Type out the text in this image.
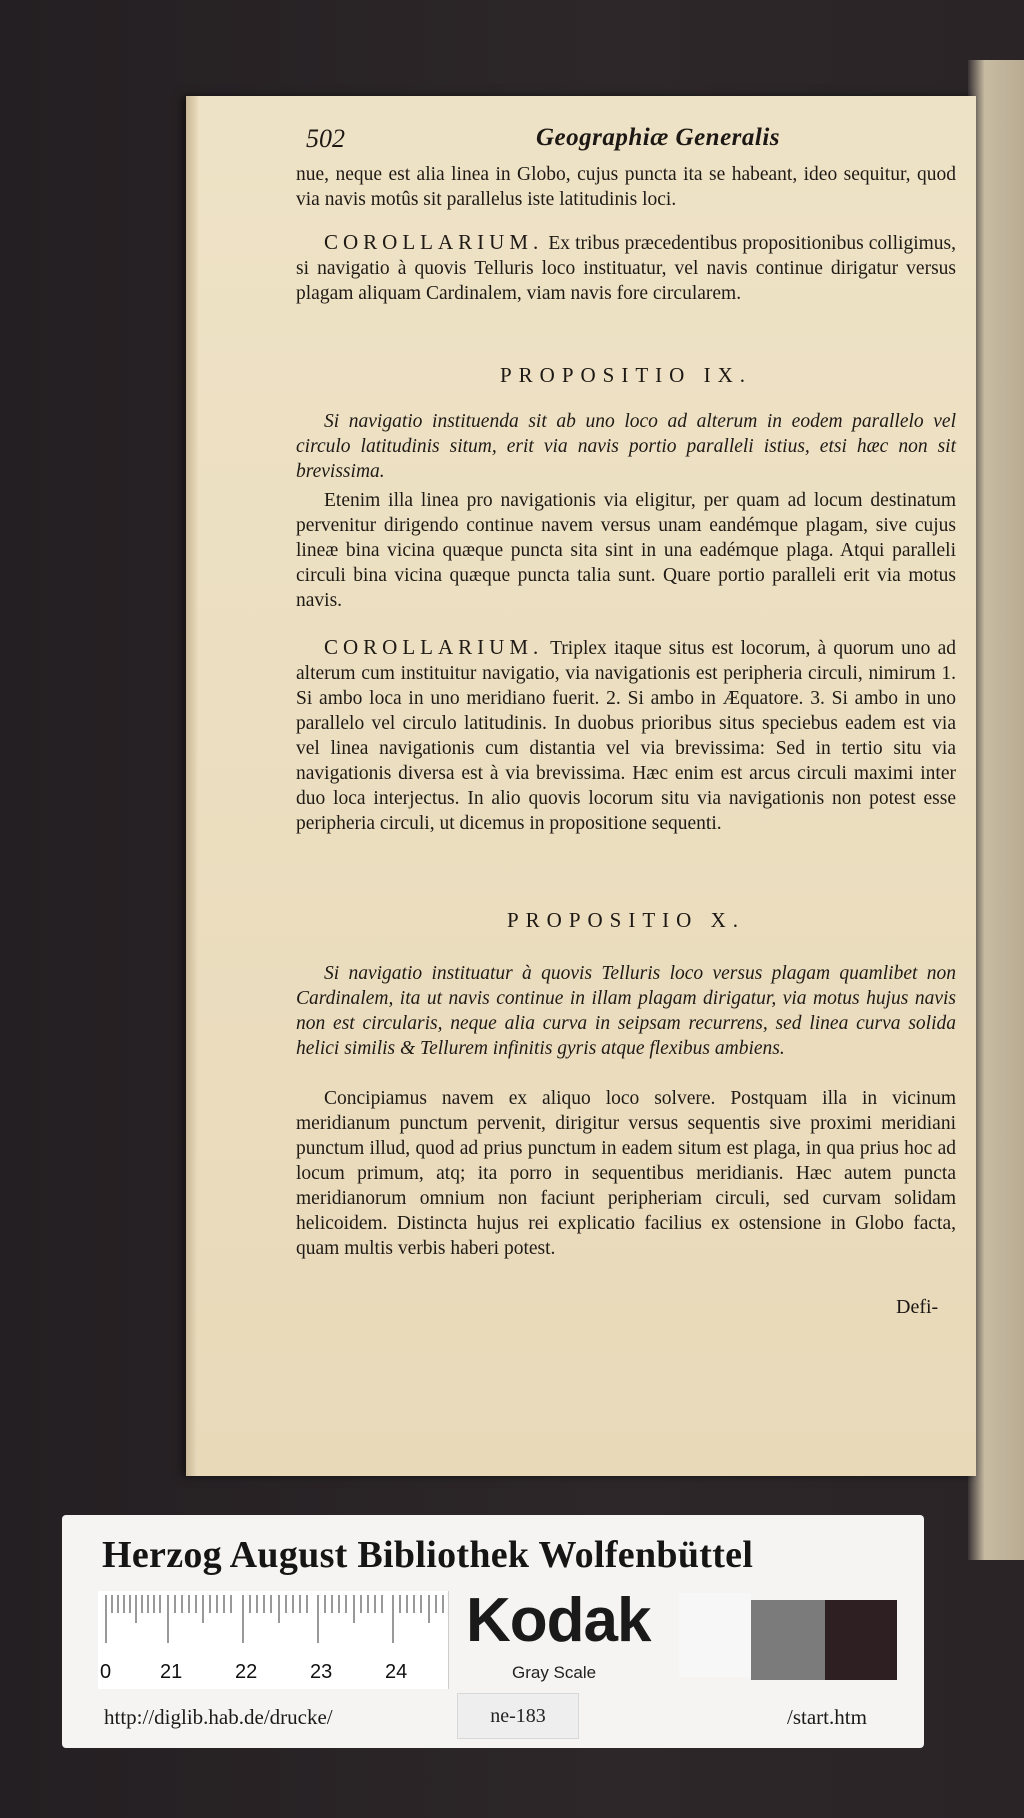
502	Geographiæ Generalis
nue, neque est alia linea in Globo, cujus puncta ita se habeant, ideo sequitur, quod via navis motûs sit parallelus iste latitudinis loci.
COROLLARIUM. Ex tribus præcedentibus propositionibus colligimus, si navigatio à quovis Telluris loco instituatur, vel navis continue dirigatur versus plagam aliquam Cardinalem, viam navis fore circularem.
PROPOSITIO IX.
Si navigatio instituenda sit ab uno loco ad alterum in eodem parallelo vel circulo latitudinis situm, erit via navis portio paralleli istius, etsi hæc non sit brevissima.
Etenim illa linea pro navigationis via eligitur, per quam ad locum destinatum pervenitur dirigendo continue navem versus unam eandémque plagam, sive cujus lineæ bina vicina quæque puncta sita sint in una eadémque plaga. Atqui paralleli circuli bina vicina quæque puncta talia sunt. Quare portio paralleli erit via motus navis.
COROLLARIUM. Triplex itaque situs est locorum, à quorum uno ad alterum cum instituitur navigatio, via navigationis est peripheria circuli, nimirum 1. Si ambo loca in uno meridiano fuerit. 2. Si ambo in Æquatore. 3. Si ambo in uno parallelo vel circulo latitudinis. In duobus prioribus situs speciebus eadem est via vel linea navigationis cum distantia vel via brevissima: Sed in tertio situ via navigationis diversa est à via brevissima. Hæc enim est arcus circuli maximi inter duo loca interjectus. In alio quovis locorum situ via navigationis non potest esse peripheria circuli, ut dicemus in propositione sequenti.
PROPOSITIO X.
Si navigatio instituatur à quovis Telluris loco versus plagam quamlibet non Cardinalem, ita ut navis continue in illam plagam dirigatur, via motus hujus navis non est circularis, neque alia curva in seipsam recurrens, sed linea curva solida helici similis & Tellurem infinitis gyris atque flexibus ambiens.
Concipiamus navem ex aliquo loco solvere. Postquam illa in vicinum meridianum punctum pervenit, dirigitur versus sequentis sive proximi meridiani punctum illud, quod ad prius punctum in eadem situm est plaga, in qua prius hoc ad locum primum, atq; ita porro in sequentibus meridianis. Hæc autem puncta meridianorum omnium non faciunt peripheriam circuli, sed curvam solidam helicoidem. Distincta hujus rei explicatio facilius ex ostensione in Globo facta, quam multis verbis haberi potest.
Defi-
Herzog August Bibliothek Wolfenbüttel
0 21	22	23	24
Kodak
Gray Scale
http://diglib.hab.de/drucke/	ne-183	/start.htm
